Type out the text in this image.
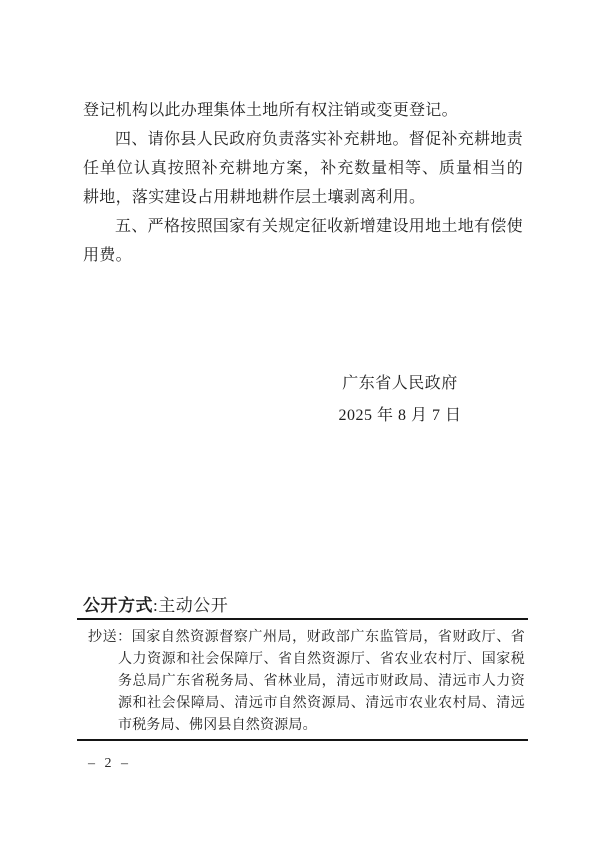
登记机构以此办理集体土地所有权注销或变更登记。

四、请你县人民政府负责落实补充耕地。督促补充耕地责任单位认真按照补充耕地方案，补充数量相等、质量相当的耕地，落实建设占用耕地耕作层土壤剥离利用。

五、严格按照国家有关规定征收新增建设用地土地有偿使用费。

广东省人民政府
2025 年 8 月 7 日
公开方式:主动公开
抄送：国家自然资源督察广州局，财政部广东监管局，省财政厅、省人力资源和社会保障厅、省自然资源厅、省农业农村厅、国家税务总局广东省税务局、省林业局，清远市财政局、清远市人力资源和社会保障局、清远市自然资源局、清远市农业农村局、清远市税务局、佛冈县自然资源局。
– 2 –
